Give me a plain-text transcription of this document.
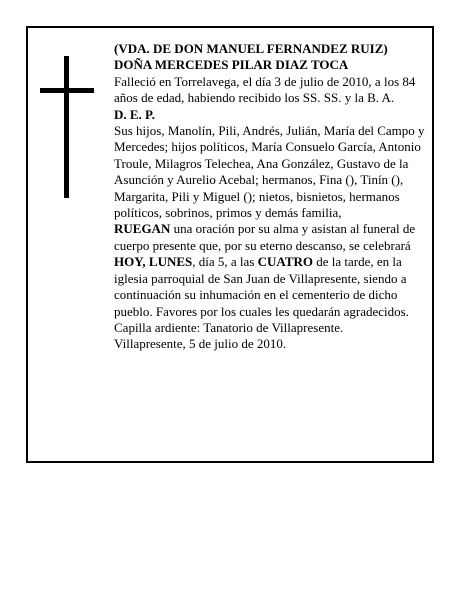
(VDA. DE DON MANUEL FERNANDEZ RUIZ)

DOÑA MERCEDES PILAR DIAZ TOCA

Falleció en Torrelavega, el día 3 de julio de 2010, a los 84 años de edad, habiendo recibido los SS. SS. y la B. A.

D. E. P.

Sus hijos, Manolín, Pili, Andrés, Julián, María del Campo y Mercedes; hijos políticos, María Consuelo García, Antonio Troule, Milagros Telechea, Ana González, Gustavo de la Asunción y Aurelio Acebal; hermanos, Fina (), Tinín (), Margarita, Pili y Miguel (); nietos, bisnietos, hermanos políticos, sobrinos, primos y demás familia,

RUEGAN una oración por su alma y asistan al funeral de cuerpo presente que, por su eterno descanso, se celebrará HOY, LUNES, día 5, a las CUATRO de la tarde, en la iglesia parroquial de San Juan de Villapresente, siendo a continuación su inhumación en el cementerio de dicho pueblo. Favores por los cuales les quedarán agradecidos. Capilla ardiente: Tanatorio de Villapresente.

Villapresente, 5 de julio de 2010.
